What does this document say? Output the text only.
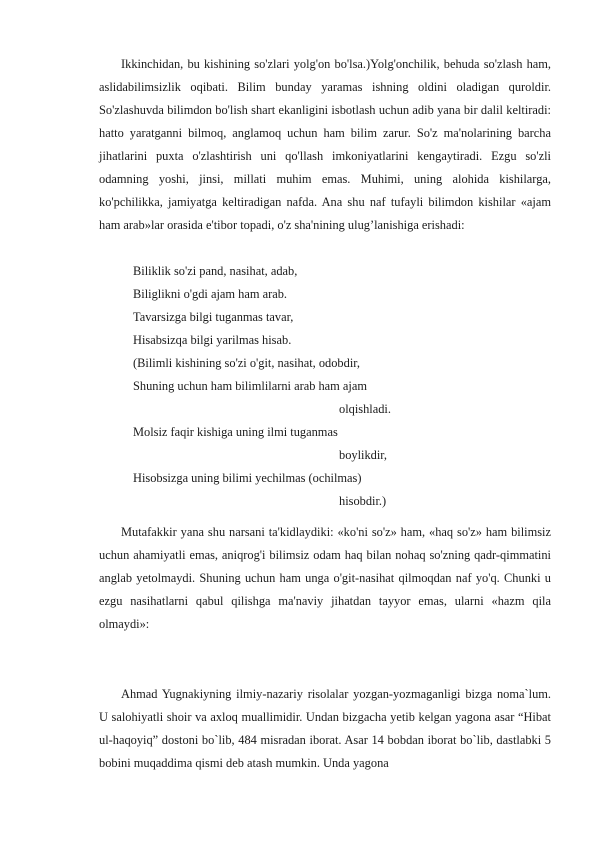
Ikkinchidan, bu kishining so'zlari yolg'on bo'lsa.)Yolg'onchilik, behuda so'zlash ham, aslidabilimsizlik oqibati. Bilim bunday yaramas ishning oldini oladigan quroldir. So'zlashuvda bilimdon bo'lish shart ekanligini isbotlash uchun adib yana bir dalil keltiradi: hatto yaratganni bilmoq, anglamoq uchun ham bilim zarur. So'z ma'nolarining barcha jihatlarini puxta o'zlashtirish uni qo'llash imkoniyatlarini kengaytiradi. Ezgu so'zli odamning yoshi, jinsi, millati muhim emas. Muhimi, uning alohida kishilarga, ko'pchilikka, jamiyatga keltiradigan nafda. Ana shu naf tufayli bilimdon kishilar «ajam ham arab»lar orasida e'tibor topadi, o'z sha'nining ulug’lanishiga erishadi:

Biliklik so'zi pand, nasihat, adab,
Biliglikni o'gdi ajam ham arab.
Tavarsizga bilgi tuganmas tavar,
Hisabsizqa bilgi yarilmas hisab.
(Bilimli kishining so'zi o'git, nasihat, odobdir,
Shuning uchun ham bilimlilarni arab ham ajam
olqishladi.
Molsiz faqir kishiga uning ilmi tuganmas
boylikdir,
Hisobsizga uning bilimi yechilmas (ochilmas)
hisobdir.)

Mutafakkir yana shu narsani ta'kidlaydiki: «ko'ni so'z» ham, «haq so'z» ham bilimsiz uchun ahamiyatli emas, aniqrog'i bilimsiz odam haq bilan nohaq so'zning qadr-qimmatini anglab yetolmaydi. Shuning uchun ham unga o'git-nasihat qilmoqdan naf yo'q. Chunki u ezgu nasihatlarni qabul qilishga ma'naviy jihatdan tayyor emas, ularni «hazm qila olmaydi»:

Ahmad Yugnakiyning ilmiy-nazariy risolalar yozgan-yozmaganligi bizga noma`lum. U salohiyatli shoir va axloq muallimidir. Undan bizgacha yetib kelgan yagona asar “Hibat ul-haqoyiq” dostoni bo`lib, 484 misradan iborat. Asar 14 bobdan iborat bo`lib, dastlabki 5 bobini muqaddima qismi deb atash mumkin. Unda yagona
